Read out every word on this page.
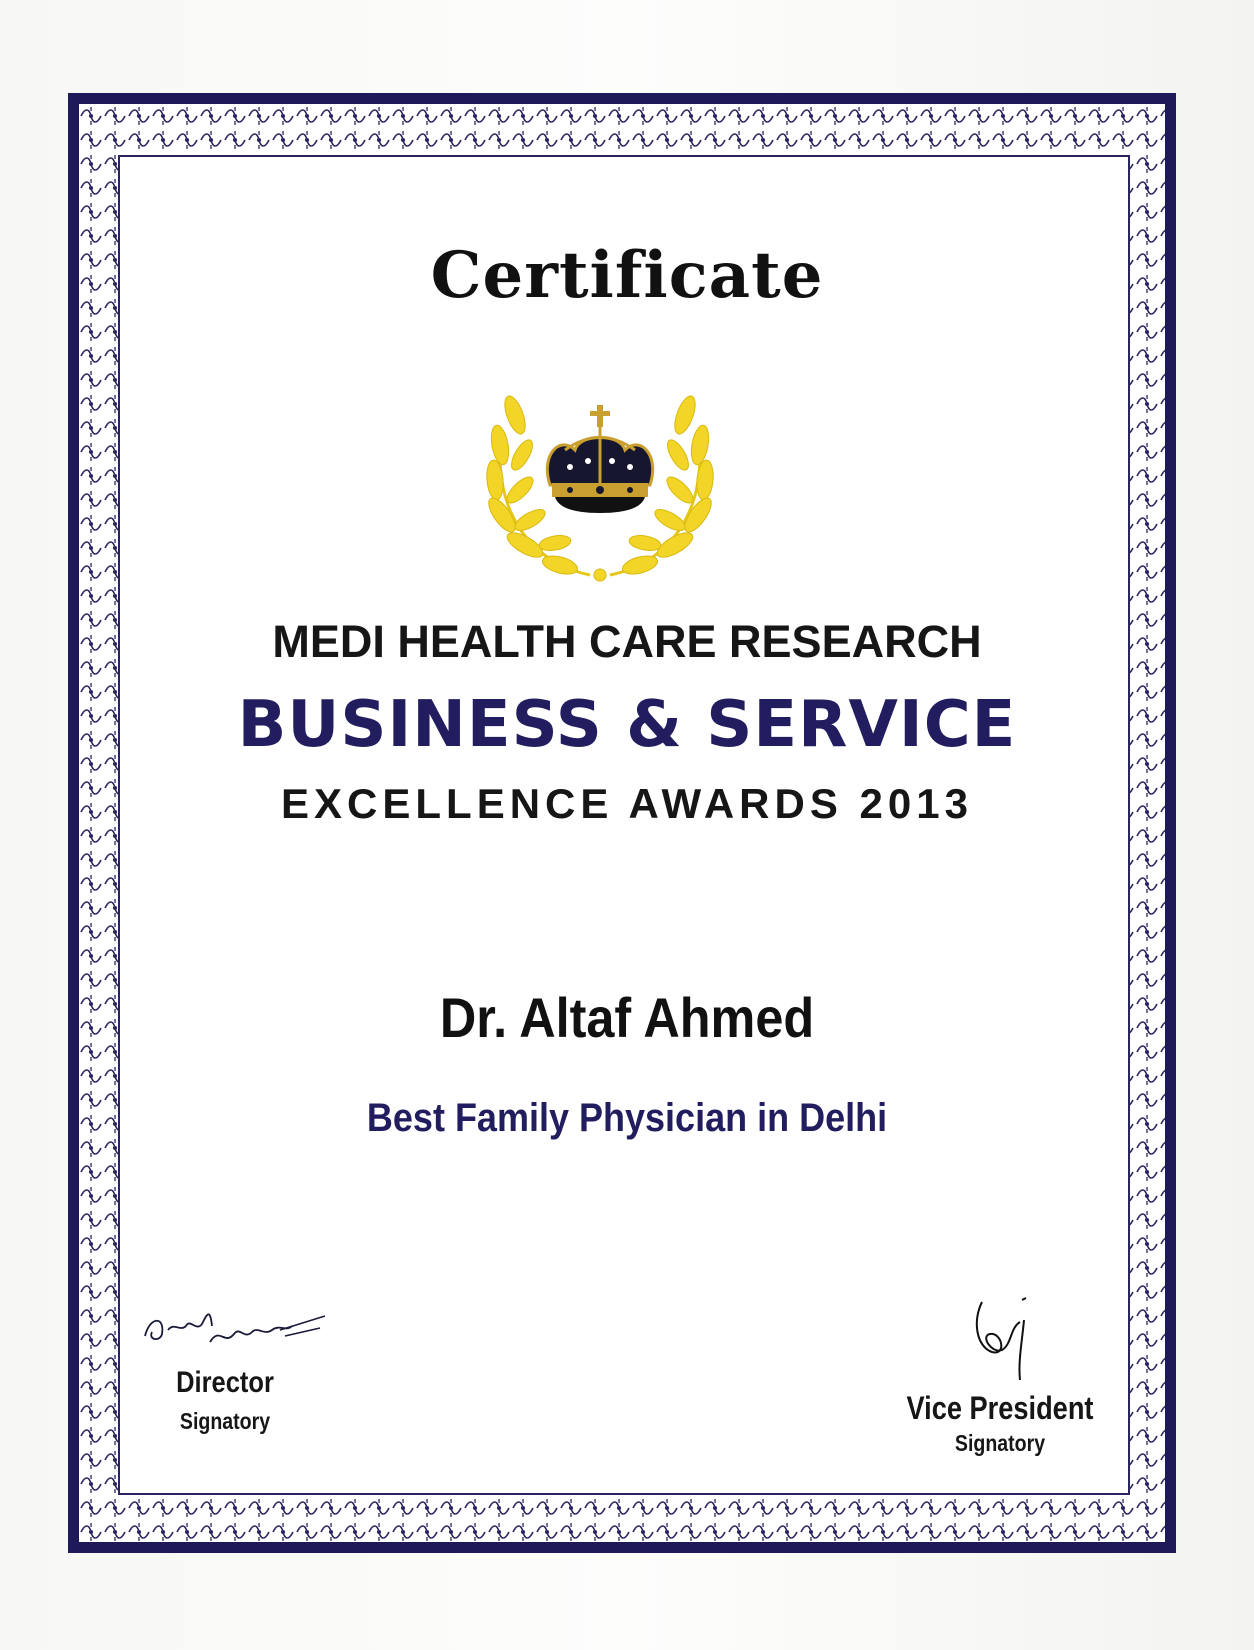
Certificate
MEDI HEALTH CARE RESEARCH
BUSINESS & SERVICE
EXCELLENCE AWARDS 2013
Dr. Altaf Ahmed
Best Family Physician in Delhi
Director
Signatory	Vice President
Signatory
